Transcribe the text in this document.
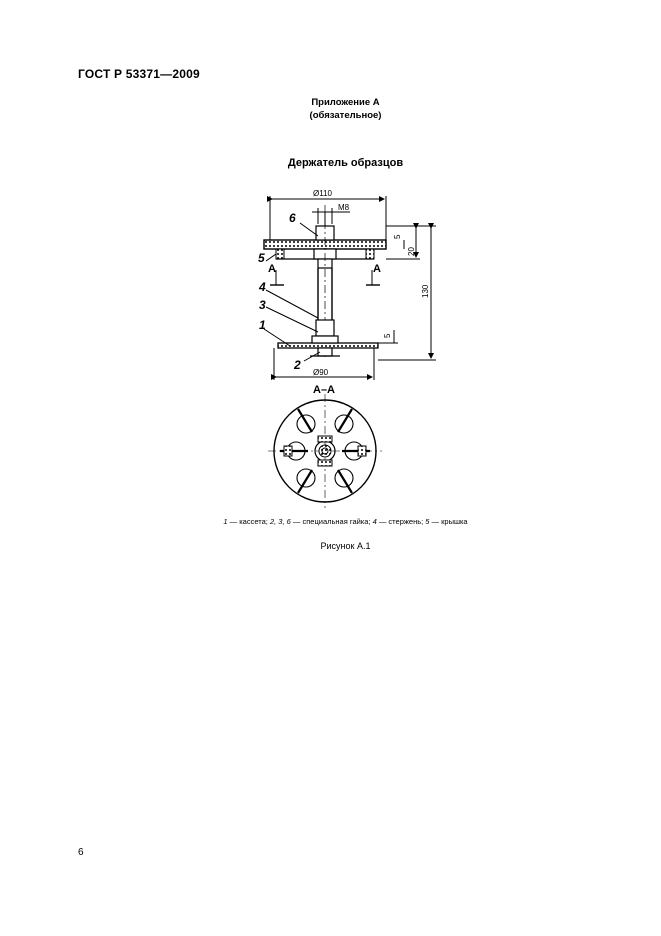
ГОСТ Р 53371—2009
Приложение А
(обязательное)
Держатель образцов
Ø110
M8
Ø90
130
20
5
5
6
5
4
3
1
2
А	А
А–А
1 — кассета; 2, 3, 6 — специальная гайка; 4 — стержень; 5 — крышка
Рисунок А.1
6
